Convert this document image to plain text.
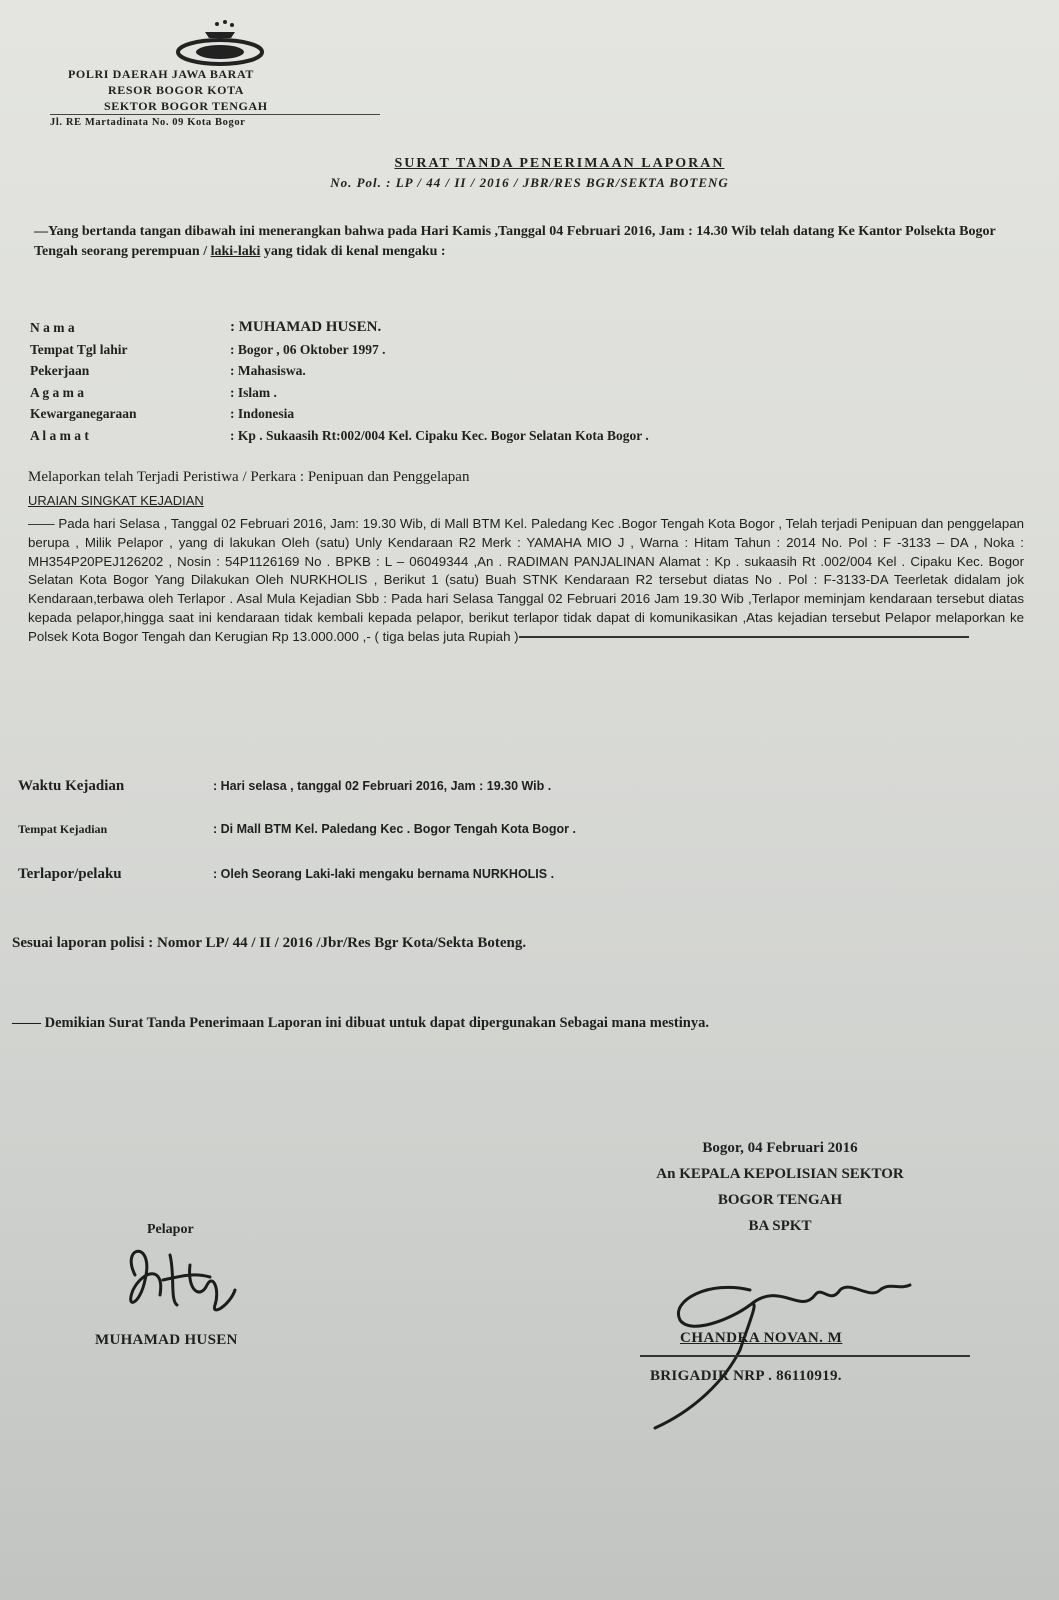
POLRI DAERAH JAWA BARAT
RESOR BOGOR KOTA
SEKTOR BOGOR TENGAH
Jl. RE Martadinata No. 09 Kota Bogor
SURAT TANDA PENERIMAAN LAPORAN
No. Pol. : LP / 44 / II / 2016 / JBR/RES BGR/SEKTA BOTENG
—Yang bertanda tangan dibawah ini menerangkan bahwa pada Hari Kamis ,Tanggal 04 Februari 2016, Jam : 14.30 Wib telah datang Ke Kantor Polsekta Bogor Tengah seorang perempuan / laki-laki yang tidak di kenal mengaku :
N a m a	: MUHAMAD HUSEN.
Tempat Tgl lahir	: Bogor , 06 Oktober 1997 .
Pekerjaan	: Mahasiswa.
A g a m a	: Islam .
Kewarganegaraan	: Indonesia
A l a m a t	: Kp . Sukaasih Rt:002/004 Kel. Cipaku Kec. Bogor Selatan Kota Bogor .
Melaporkan telah Terjadi Peristiwa / Perkara : Penipuan dan Penggelapan
URAIAN SINGKAT KEJADIAN
—— Pada hari Selasa , Tanggal 02 Februari 2016, Jam: 19.30 Wib, di Mall BTM Kel. Paledang Kec .Bogor Tengah Kota Bogor , Telah terjadi Penipuan dan penggelapan berupa , Milik Pelapor , yang di lakukan Oleh (satu) Unly Kendaraan R2 Merk : YAMAHA MIO J , Warna : Hitam Tahun : 2014 No. Pol : F -3133 – DA , Noka : MH354P20PEJ126202 , Nosin : 54P1126169 No . BPKB : L – 06049344 ,An . RADIMAN PANJALINAN Alamat : Kp . sukaasih Rt .002/004 Kel . Cipaku Kec. Bogor Selatan Kota Bogor Yang Dilakukan Oleh NURKHOLIS , Berikut 1 (satu) Buah STNK Kendaraan R2 tersebut diatas No . Pol : F-3133-DA Teerletak didalam jok Kendaraan,terbawa oleh Terlapor . Asal Mula Kejadian Sbb : Pada hari Selasa Tanggal 02 Februari 2016 Jam 19.30 Wib ,Terlapor meminjam kendaraan tersebut diatas kepada pelapor,hingga saat ini kendaraan tidak kembali kepada pelapor, berikut terlapor tidak dapat di komunikasikan ,Atas kejadian tersebut Pelapor melaporkan ke Polsek Kota Bogor Tengah dan Kerugian Rp 13.000.000 ,- ( tiga belas juta Rupiah )
Waktu Kejadian	: Hari selasa , tanggal 02 Februari 2016, Jam : 19.30 Wib .
Tempat Kejadian	: Di Mall BTM Kel. Paledang Kec . Bogor Tengah Kota Bogor .
Terlapor/pelaku	: Oleh Seorang Laki-laki mengaku bernama NURKHOLIS .
Sesuai laporan polisi : Nomor LP/ 44 / II / 2016 /Jbr/Res Bgr Kota/Sekta Boteng.
—— Demikian Surat Tanda Penerimaan Laporan ini dibuat untuk dapat dipergunakan Sebagai mana mestinya.
Bogor, 04 Februari 2016
An KEPALA KEPOLISIAN SEKTOR
BOGOR TENGAH
BA SPKT
Pelapor
MUHAMAD HUSEN	CHANDRA NOVAN. M
BRIGADIR NRP . 86110919.
